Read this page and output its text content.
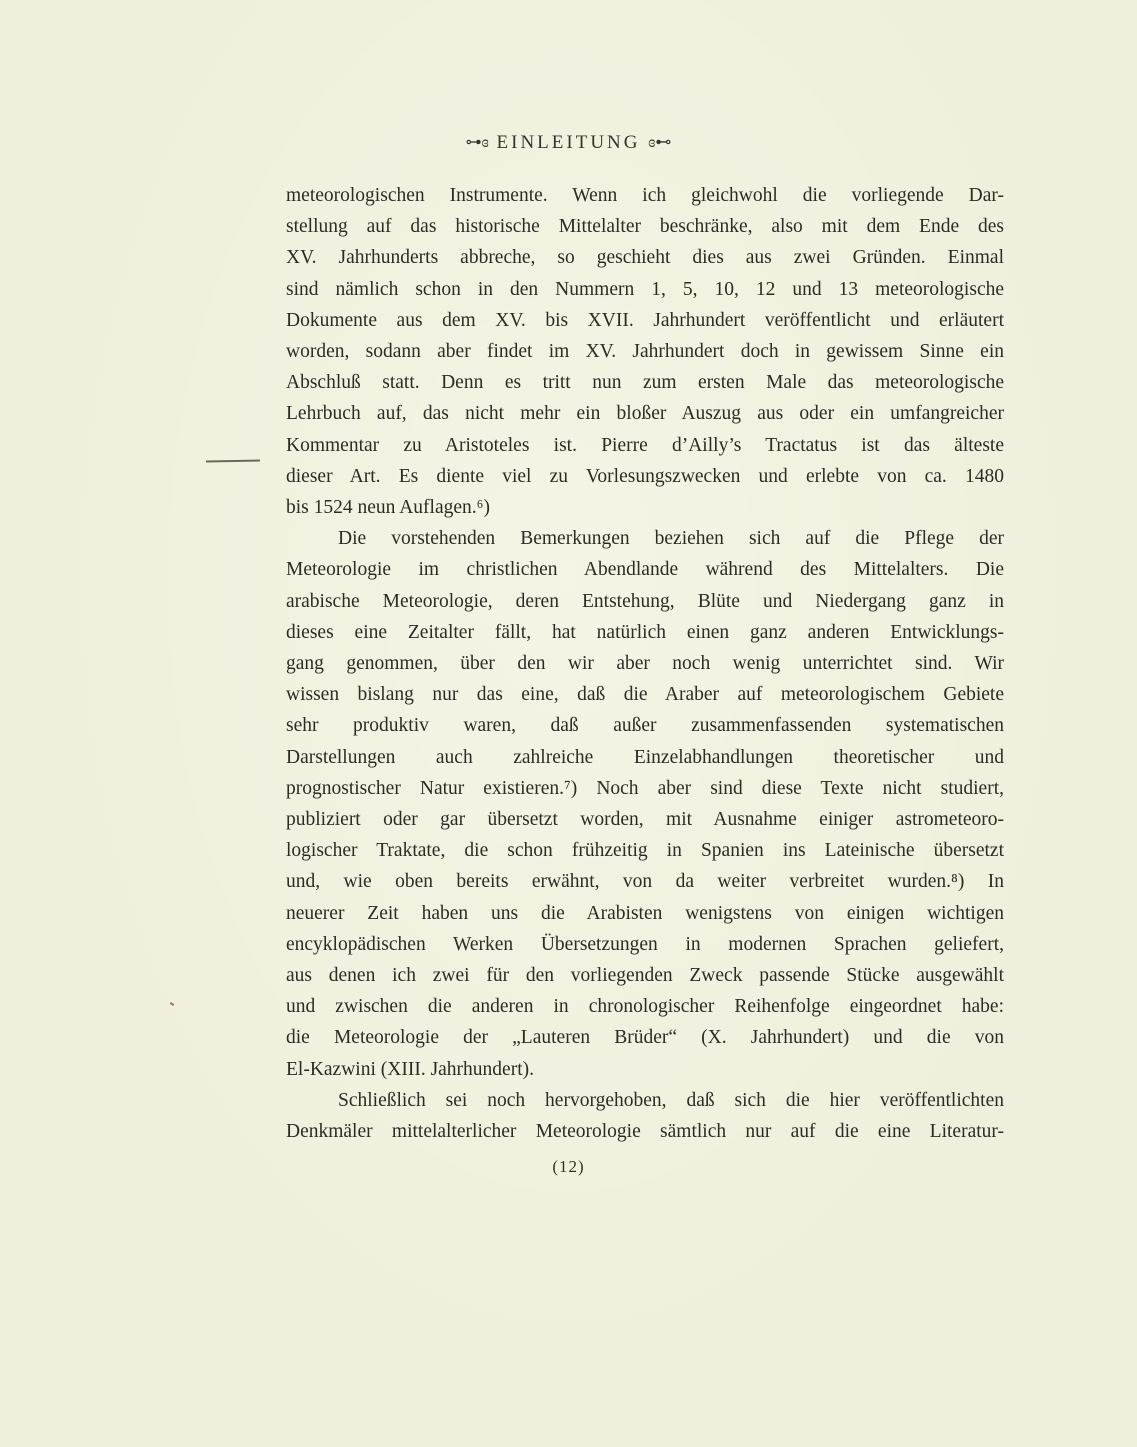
⊶ɞ EINLEITUNG ɞ⊷

meteorologischen Instrumente. Wenn ich gleichwohl die vorliegende Dar-
stellung auf das historische Mittelalter beschränke, also mit dem Ende des
XV. Jahrhunderts abbreche, so geschieht dies aus zwei Gründen. Einmal
sind nämlich schon in den Nummern 1, 5, 10, 12 und 13 meteorologische
Dokumente aus dem XV. bis XVII. Jahrhundert veröffentlicht und erläutert
worden, sodann aber findet im XV. Jahrhundert doch in gewissem Sinne ein
Abschluß statt. Denn es tritt nun zum ersten Male das meteorologische
Lehrbuch auf, das nicht mehr ein bloßer Auszug aus oder ein umfangreicher
Kommentar zu Aristoteles ist. Pierre d’Ailly’s Tractatus ist das älteste
dieser Art. Es diente viel zu Vorlesungszwecken und erlebte von ca. 1480
bis 1524 neun Auflagen.⁶)

Die vorstehenden Bemerkungen beziehen sich auf die Pflege der
Meteorologie im christlichen Abendlande während des Mittelalters. Die
arabische Meteorologie, deren Entstehung, Blüte und Niedergang ganz in
dieses eine Zeitalter fällt, hat natürlich einen ganz anderen Entwicklungs-
gang genommen, über den wir aber noch wenig unterrichtet sind. Wir
wissen bislang nur das eine, daß die Araber auf meteorologischem Gebiete
sehr produktiv waren, daß außer zusammenfassenden systematischen
Darstellungen auch zahlreiche Einzelabhandlungen theoretischer und
prognostischer Natur existieren.⁷) Noch aber sind diese Texte nicht studiert,
publiziert oder gar übersetzt worden, mit Ausnahme einiger astrometeoro-
logischer Traktate, die schon frühzeitig in Spanien ins Lateinische übersetzt
und, wie oben bereits erwähnt, von da weiter verbreitet wurden.⁸) In
neuerer Zeit haben uns die Arabisten wenigstens von einigen wichtigen
encyklopädischen Werken Übersetzungen in modernen Sprachen geliefert,
aus denen ich zwei für den vorliegenden Zweck passende Stücke ausgewählt
und zwischen die anderen in chronologischer Reihenfolge eingeordnet habe:
die Meteorologie der „Lauteren Brüder“ (X. Jahrhundert) und die von
El-Kazwini (XIII. Jahrhundert).

Schließlich sei noch hervorgehoben, daß sich die hier veröffentlichten
Denkmäler mittelalterlicher Meteorologie sämtlich nur auf die eine Literatur-

(12)
